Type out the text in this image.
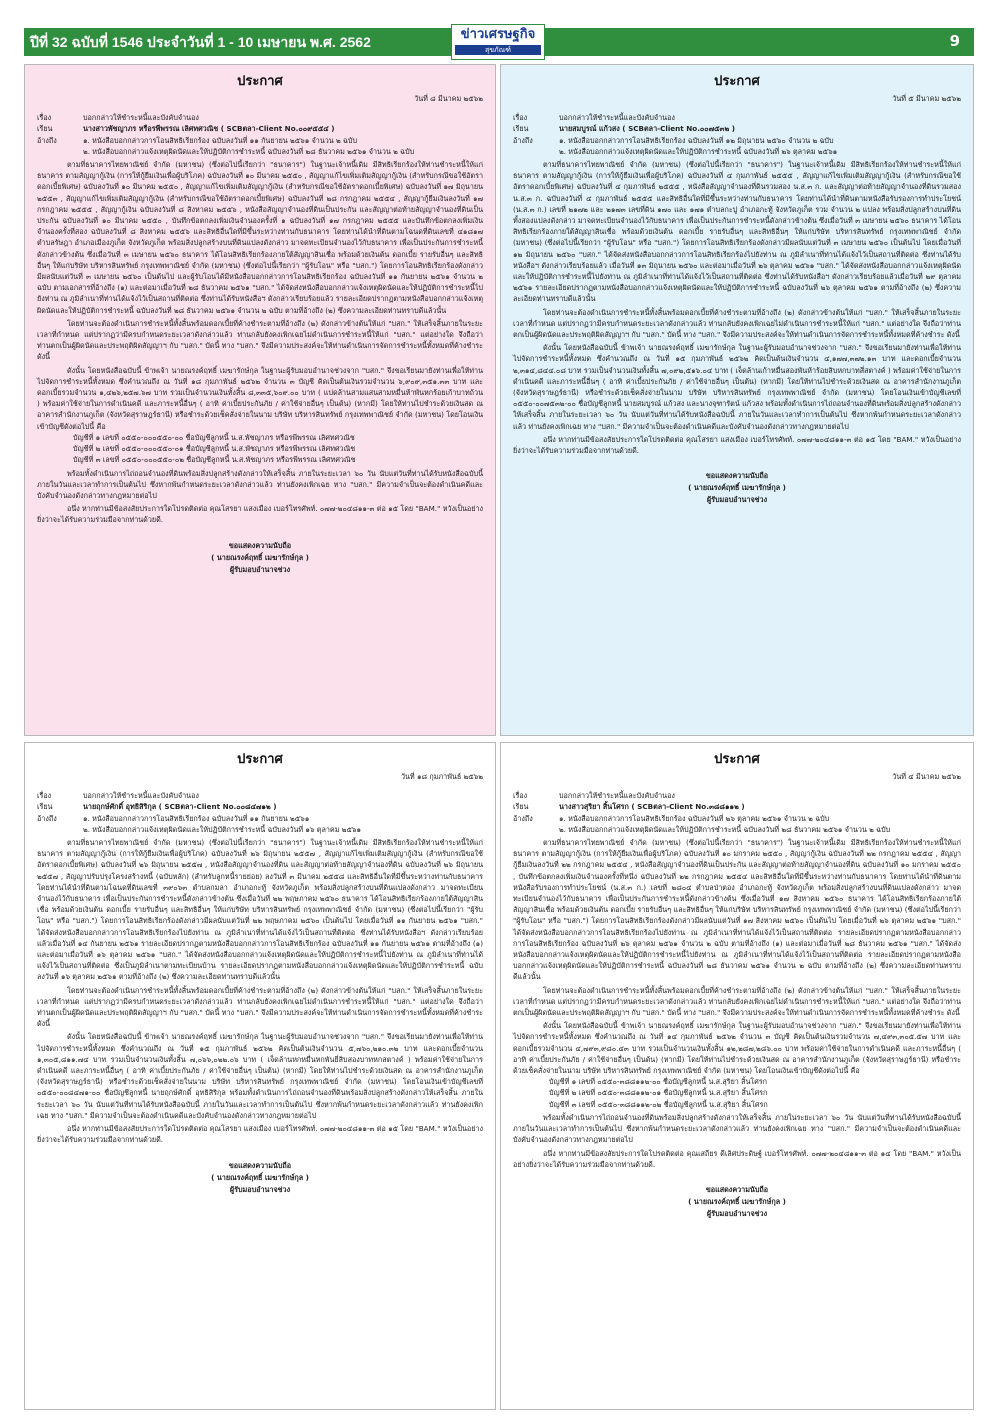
ปีที่ 32 ฉบับที่ 1546 ประจำวันที่ 1 - 10 เมษายน พ.ศ. 2562	9
ข่าวเศรษฐกิจ
สุขภัณฑ์
ประกาศ
วันที่ ๘ มีนาคม ๒๕๖๒
เรื่อง	บอกกล่าวให้ชำระหนี้และบังคับจำนอง
เรียน	นางสาวพัชญาภร หรือรพีพรรณ เลิศทศวณิช ( SCBตลา-Client No.๐๐๙๕๕๔ )
อ้างถึง	๑. หนังสือบอกกล่าวการโอนสิทธิเรียกร้อง ฉบับลงวันที่ ๑๑ กันยายน ๒๕๖๑ จำนวน ๒ ฉบับ
๒. หนังสือบอกกล่าวแจ้งเหตุผิดนัดและให้ปฏิบัติการชำระหนี้ ฉบับลงวันที่ ๒๘ ธันวาคม ๒๕๖๑ จำนวน ๒ ฉบับ
ตามที่ธนาคารไทยพาณิชย์ จำกัด (มหาชน) (ซึ่งต่อไปนี้เรียกว่า "ธนาคาร") ในฐานะเจ้าหนี้เดิม มีสิทธิเรียกร้องให้ท่านชำระหนี้ให้แก่ธนาคาร ตามสัญญากู้เงิน (การให้กู้ยืมเงินเพื่อผู้บริโภค) ฉบับลงวันที่ ๑๐ มีนาคม ๒๕๕๐ , สัญญาแก้ไขเพิ่มเติมสัญญากู้เงิน (สำหรับกรณีขอใช้อัตราดอกเบี้ยพิเศษ) ฉบับลงวันที่ ๑๐ มีนาคม ๒๕๕๐ , สัญญาแก้ไขเพิ่มเติมสัญญากู้เงิน (สำหรับกรณีขอใช้อัตราดอกเบี้ยพิเศษ) ฉบับลงวันที่ ๑๗ มิถุนายน ๒๕๕๓ , สัญญาแก้ไขเพิ่มเติมสัญญากู้เงิน (สำหรับกรณีขอใช้อัตราดอกเบี้ยพิเศษ) ฉบับลงวันที่ ๒๘ กรกฎาคม ๒๕๕๔ , สัญญากู้ยืมเงินลงวันที่ ๑๗ กรกฎาคม ๒๕๕๕ , สัญญากู้เงิน ฉบับลงวันที่ ๘ สิงหาคม ๒๕๕๖ , หนังสือสัญญาจำนองที่ดินเป็นประกัน และสัญญาต่อท้ายสัญญาจำนองที่ดินเป็นประกัน ฉบับลงวันที่ ๑๐ มีนาคม ๒๕๕๐ , บันทึกข้อตกลงเพิ่มเงินจำนองครั้งที่ ๑ ฉบับลงวันที่ ๑๗ กรกฎาคม ๒๕๕๕ และบันทึกข้อตกลงเพิ่มเงินจำนองครั้งที่สอง ฉบับลงวันที่ ๘ สิงหาคม ๒๕๕๖ และสิทธิอื่นใดที่มีขึ้นระหว่างท่านกับธนาคาร โดยท่านได้นำที่ดินตามโฉนดที่ดินเลขที่ ๔๑๘๑๗ ตำบลรัษฎา อำเภอเมืองภูเก็ต จังหวัดภูเก็ต พร้อมสิ่งปลูกสร้างบนที่ดินแปลงดังกล่าว มาจดทะเบียนจำนองไว้กับธนาคาร เพื่อเป็นประกันการชำระหนี้ดังกล่าวข้างต้น ซึ่งเมื่อวันที่ ๓ เมษายน ๒๕๖๐ ธนาคาร ได้โอนสิทธิเรียกร้องภายใต้สัญญาสินเชื่อ พร้อมด้วยเงินต้น ดอกเบี้ย รายรับอื่นๆ และสิทธิอื่นๆ ให้แก่บริษัท บริหารสินทรัพย์ กรุงเทพพาณิชย์ จำกัด (มหาชน) (ซึ่งต่อไปนี้เรียกว่า "ผู้รับโอน" หรือ "บสก.") โดยการโอนสิทธิเรียกร้องดังกล่าวมีผลนับแต่วันที่ ๓ เมษายน ๒๕๖๐ เป็นต้นไป และผู้รับโอนได้มีหนังสือบอกกล่าวการโอนสิทธิเรียกร้อง ฉบับลงวันที่ ๑๑ กันยายน ๒๕๖๑ จำนวน ๒ ฉบับ ตามเอกสารที่อ้างถึง (๑) และต่อมาเมื่อวันที่ ๒๘ ธันวาคม ๒๕๖๑ "บสก." ได้จัดส่งหนังสือบอกกล่าวแจ้งเหตุผิดนัดและให้ปฏิบัติการชำระหนี้ไปยังท่าน ณ ภูมิลำเนาที่ท่านได้แจ้งไว้เป็นสถานที่ติดต่อ ซึ่งท่านได้รับหนังสือฯ ดังกล่าวเรียบร้อยแล้ว รายละเอียดปรากฏตามหนังสือบอกกล่าวแจ้งเหตุผิดนัดและให้ปฏิบัติการชำระหนี้ ฉบับลงวันที่ ๒๘ ธันวาคม ๒๕๖๑ จำนวน ๒ ฉบับ ตามที่อ้างถึง (๒) ซึ่งความละเอียดท่านทราบดีแล้วนั้น
โดยท่านจะต้องดำเนินการชำระหนี้ทั้งสิ้นพร้อมดอกเบี้ยที่ค้างชำระตามที่อ้างถึง (๒) ดังกล่าวข้างต้นให้แก่ "บสก." ให้เสร็จสิ้นภายในระยะเวลาที่กำหนด แต่ปรากฏว่ามีครบกำหนดระยะเวลาดังกล่าวแล้ว ท่านกลับยังคงเพิกเฉยไม่ดำเนินการชำระหนี้ให้แก่ "บสก." แต่อย่างใด จึงถือว่าท่านตกเป็นผู้ผิดนัดและประพฤติผิดสัญญาฯ กับ "บสก." บัดนี้ ทาง "บสก." จึงมีความประสงค์จะให้ท่านดำเนินการจัดการชำระหนี้ทั้งหมดที่ค้างชำระ ดังนี้
ดังนั้น โดยหนังสือฉบับนี้ ข้าพเจ้า นายณรงค์ฤทธิ์ เมฆารักษ์กุล ในฐานะผู้รับมอบอำนาจช่วงจาก "บสก." จึงขอเรียนมายังท่านเพื่อให้ท่านไปจัดการชำระหนี้ทั้งหมด ซึ่งคำนวณถึง ณ วันที่ ๑๘ กุมภาพันธ์ ๒๕๖๒ จำนวน ๓ บัญชี คิดเป็นต้นเงินรวมจำนวน ๖,๙๐๙,๓๕๑.๓๓ บาท และดอกเบี้ยรวมจำนวน ๑,๔๒๖,๒๕๗.๖๗ บาท รวมเป็นจำนวนเงินทั้งสิ้น ๘,๓๓๕,๖๐๙.๐๐ บาท ( แปดล้านสามแสนสามหมื่นห้าพันหกร้อยเก้าบาทถ้วน ) พร้อมค่าใช้จ่ายในการดำเนินคดี และภาระหนี้อื่นๆ ( อาทิ ค่าเบี้ยประกันภัย / ค่าใช้จ่ายอื่นๆ เป็นต้น) (หากมี) โดยให้ท่านไปชำระด้วยเงินสด ณ อาคารสำนักงานภูเก็ต (จังหวัดสุราษฎร์ธานี) หรือชำระด้วยเช็คสั่งจ่ายในนาม บริษัท บริหารสินทรัพย์ กรุงเทพพาณิชย์ จำกัด (มหาชน) โดยโอนเงินเข้าบัญชีดังต่อไปนี้ คือ
บัญชีที่ ๑ เลขที่ ๐๕๕๐-๐๐๐๕๕๐-๐๐ ชื่อบัญชีลูกหนี้ น.ส.พัชญาภร หรือรพีพรรณ เลิศทศวณิช
บัญชีที่ ๒ เลขที่ ๐๕๕๐-๐๐๐๕๕๐-๐๑ ชื่อบัญชีลูกหนี้ น.ส.พัชญาภร หรือรพีพรรณ เลิศทศวณิช
บัญชีที่ ๓ เลขที่ ๐๕๕๐-๐๐๐๕๕๐-๐๒ ชื่อบัญชีลูกหนี้ น.ส.พัชญาภร หรือรพีพรรณ เลิศทศวณิช
พร้อมทั้งดำเนินการไถ่ถอนจำนองที่ดินพร้อมสิ่งปลูกสร้างดังกล่าวให้เสร็จสิ้น ภายในระยะเวลา ๖๐ วัน นับแต่วันที่ท่านได้รับหนังสือฉบับนี้ ภายในวันและเวลาทำการเป็นต้นไป ซึ่งหากพ้นกำหนดระยะเวลาดังกล่าวแล้ว ท่านยังคงเพิกเฉย ทาง "บสก." มีความจำเป็นจะต้องดำเนินคดีและบังคับจำนองดังกล่าวทางกฎหมายต่อไป
อนึ่ง หากท่านมีข้อสงสัยประการใดโปรดติดต่อ คุณโสรยา แสงเมือง เบอร์โทรศัพท์. ๐๗๗-๒๐๔๘๑๑-๓ ต่อ ๑๕ โดย "BAM." หวังเป็นอย่างยิ่งว่าจะได้รับความร่วมมือจากท่านด้วยดี.
ขอแสดงความนับถือ
( นายณรงค์ฤทธิ์ เมฆารักษ์กุล )
ผู้รับมอบอำนาจช่วง
ประกาศ
วันที่ ๕ มีนาคม ๒๕๖๒
เรื่อง	บอกกล่าวให้ชำระหนี้และบังคับจำนอง
เรียน	นายสมบูรณ์ แก้วสง ( SCBตลา-Client No.๐๐๗๕๓๒ )
อ้างถึง	๑. หนังสือบอกกล่าวการโอนสิทธิเรียกร้อง ฉบับลงวันที่ ๑๒ มิถุนายน ๒๕๖๐ จำนวน ๒ ฉบับ
๒. หนังสือบอกกล่าวแจ้งเหตุผิดนัดและให้ปฏิบัติการชำระหนี้ ฉบับลงวันที่ ๒๖ ตุลาคม ๒๕๖๑
ตามที่ธนาคารไทยพาณิชย์ จำกัด (มหาชน) (ซึ่งต่อไปนี้เรียกว่า "ธนาคาร") ในฐานะเจ้าหนี้เดิม มีสิทธิเรียกร้องให้ท่านชำระหนี้ให้แก่ธนาคาร ตามสัญญากู้เงิน (การให้กู้ยืมเงินเพื่อผู้บริโภค) ฉบับลงวันที่ ๔ กุมภาพันธ์ ๒๕๕๕ , สัญญาแก้ไขเพิ่มเติมสัญญากู้เงิน (สำหรับกรณีขอใช้อัตราดอกเบี้ยพิเศษ) ฉบับลงวันที่ ๔ กุมภาพันธ์ ๒๕๕๕ , หนังสือสัญญาจำนองที่ดินรวมสอง น.ส.๓ ก. และสัญญาต่อท้ายสัญญาจำนองที่ดินรวมสอง น.ส.๓ ก. ฉบับลงวันที่ ๔ กุมภาพันธ์ ๒๕๕๕ และสิทธิอื่นใดที่มีขึ้นระหว่างท่านกับธนาคาร โดยท่านได้นำที่ดินตามหนังสือรับรองการทำประโยชน์ (น.ส.๓ ก.) เลขที่ ๒๑๗๒ และ ๒๑๗๓ เลขที่ดิน ๑๗๐ และ ๑๗๑ ตำบลกะปู อำเภอกะทู้ จังหวัดภูเก็ต รวม จำนวน ๒ แปลง พร้อมสิ่งปลูกสร้างบนที่ดินทั้งสองแปลงดังกล่าว มาจดทะเบียนจำนองไว้กับธนาคาร เพื่อเป็นประกันการชำระหนี้ดังกล่าวข้างต้น ซึ่งเมื่อวันที่ ๓ เมษายน ๒๕๖๐ ธนาคาร ได้โอนสิทธิเรียกร้องภายใต้สัญญาสินเชื่อ พร้อมด้วยเงินต้น ดอกเบี้ย รายรับอื่นๆ และสิทธิอื่นๆ ให้แก่บริษัท บริหารสินทรัพย์ กรุงเทพพาณิชย์ จำกัด (มหาชน) (ซึ่งต่อไปนี้เรียกว่า "ผู้รับโอน" หรือ "บสก.") โดยการโอนสิทธิเรียกร้องดังกล่าวมีผลนับแต่วันที่ ๓ เมษายน ๒๕๖๐ เป็นต้นไป โดยเมื่อวันที่ ๑๒ มิถุนายน ๒๕๖๐ "บสก." ได้จัดส่งหนังสือบอกกล่าวการโอนสิทธิเรียกร้องไปยังท่าน ณ ภูมิลำเนาที่ท่านได้แจ้งไว้เป็นสถานที่ติดต่อ ซึ่งท่านได้รับหนังสือฯ ดังกล่าวเรียบร้อยแล้ว เมื่อวันที่ ๑๓ มิถุนายน ๒๕๖๐ และต่อมาเมื่อวันที่ ๒๖ ตุลาคม ๒๕๖๑ "บสก." ได้จัดส่งหนังสือบอกกล่าวแจ้งเหตุผิดนัดและให้ปฏิบัติการชำระหนี้ไปยังท่าน ณ ภูมิลำเนาที่ท่านได้แจ้งไว้เป็นสถานที่ติดต่อ ซึ่งท่านได้รับหนังสือฯ ดังกล่าวเรียบร้อยแล้วเมื่อวันที่ ๒๙ ตุลาคม ๒๕๖๑ รายละเอียดปรากฏตามหนังสือบอกกล่าวแจ้งเหตุผิดนัดและให้ปฏิบัติการชำระหนี้ ฉบับลงวันที่ ๒๖ ตุลาคม ๒๕๖๑ ตามที่อ้างถึง (๒) ซึ่งความละเอียดท่านทราบดีแล้วนั้น
โดยท่านจะต้องดำเนินการชำระหนี้ทั้งสิ้นพร้อมดอกเบี้ยที่ค้างชำระตามที่อ้างถึง (๒) ดังกล่าวข้างต้นให้แก่ "บสก." ให้เสร็จสิ้นภายในระยะเวลาที่กำหนด แต่ปรากฏว่ามีครบกำหนดระยะเวลาดังกล่าวแล้ว ท่านกลับยังคงเพิกเฉยไม่ดำเนินการชำระหนี้ให้แก่ "บสก." แต่อย่างใด จึงถือว่าท่านตกเป็นผู้ผิดนัดและประพฤติผิดสัญญาฯ กับ "บสก." บัดนี้ ทาง "บสก." จึงมีความประสงค์จะให้ท่านดำเนินการจัดการชำระหนี้ทั้งหมดที่ค้างชำระ ดังนี้
ดังนั้น โดยหนังสือฉบับนี้ ข้าพเจ้า นายณรงค์ฤทธิ์ เมฆารักษ์กุล ในฐานะผู้รับมอบอำนาจช่วงจาก "บสก." จึงขอเรียนมายังท่านเพื่อให้ท่านไปจัดการชำระหนี้ทั้งหมด ซึ่งคำนวณถึง ณ วันที่ ๑๕ กุมภาพันธ์ ๒๕๖๒ คิดเป็นต้นเงินจำนวน ๔,๑๗๗,๓๗๒.๑๓ บาท และดอกเบี้ยจำนวน ๒,๓๑๔,๘๔๔.๐๘ บาท รวมเป็นจำนวนเงินทั้งสิ้น ๗,๐๙๒,๕๑๖.๐๔ บาท ( เจ็ดล้านเก้าหมื่นสองพันห้าร้อยสิบหกบาทสี่สตางค์ ) พร้อมค่าใช้จ่ายในการดำเนินคดี และภาระหนี้อื่นๆ ( อาทิ ค่าเบี้ยประกันภัย / ค่าใช้จ่ายอื่นๆ เป็นต้น) (หากมี) โดยให้ท่านไปชำระด้วยเงินสด ณ อาคารสำนักงานภูเก็ต (จังหวัดสุราษฎร์ธานี) หรือชำระด้วยเช็คสั่งจ่ายในนาม บริษัท บริหารสินทรัพย์ กรุงเทพพาณิชย์ จำกัด (มหาชน) โดยโอนเงินเข้าบัญชีเลขที่ ๐๕๕๐-๐๐๗๕๓๒-๐๐ ชื่อบัญชีลูกหนี้ นายสมบูรณ์ แก้วสง และนางจุฑารัตน์ แก้วสง พร้อมทั้งดำเนินการไถ่ถอนจำนองที่ดินพร้อมสิ่งปลูกสร้างดังกล่าวให้เสร็จสิ้น ภายในระยะเวลา ๖๐ วัน นับแต่วันที่ท่านได้รับหนังสือฉบับนี้ ภายในวันและเวลาทำการเป็นต้นไป ซึ่งหากพ้นกำหนดระยะเวลาดังกล่าวแล้ว ท่านยังคงเพิกเฉย ทาง "บสก." มีความจำเป็นจะต้องดำเนินคดีและบังคับจำนองดังกล่าวทางกฎหมายต่อไป
อนึ่ง หากท่านมีข้อสงสัยประการใดโปรดติดต่อ คุณโสรยา แสงเมือง เบอร์โทรศัพท์. ๐๗๗-๒๐๔๘๑๑-๓ ต่อ ๑๕ โดย "BAM." หวังเป็นอย่างยิ่งว่าจะได้รับความร่วมมือจากท่านด้วยดี.
ขอแสดงความนับถือ
( นายณรงค์ฤทธิ์ เมฆารักษ์กุล )
ผู้รับมอบอำนาจช่วง
ประกาศ
วันที่ ๑๘ กุมภาพันธ์ ๒๕๖๒
เรื่อง	บอกกล่าวให้ชำระหนี้และบังคับจำนอง
เรียน	นายฤกษ์ศักดิ์ อุทธิสิริกุล ( SCBตลา-Client No.๐๐๘๔๗๑๒ )
อ้างถึง	๑. หนังสือบอกกล่าวการโอนสิทธิเรียกร้อง ฉบับลงวันที่ ๑๑ กันยายน ๒๕๖๑
๒. หนังสือบอกกล่าวแจ้งเหตุผิดนัดและให้ปฏิบัติการชำระหนี้ ฉบับลงวันที่ ๑๖ ตุลาคม ๒๕๖๑
ตามที่ธนาคารไทยพาณิชย์ จำกัด (มหาชน) (ซึ่งต่อไปนี้เรียกว่า "ธนาคาร") ในฐานะเจ้าหนี้เดิม มีสิทธิเรียกร้องให้ท่านชำระหนี้ให้แก่ธนาคาร ตามสัญญากู้เงิน (การให้กู้ยืมเงินเพื่อผู้บริโภค) ฉบับลงวันที่ ๒๖ มิถุนายน ๒๕๕๗ , สัญญาแก้ไขเพิ่มเติมสัญญากู้เงิน (สำหรับกรณีขอใช้อัตราดอกเบี้ยพิเศษ) ฉบับลงวันที่ ๒๖ มิถุนายน ๒๕๕๗ , หนังสือสัญญาจำนองที่ดิน และสัญญาต่อท้ายสัญญาจำนองที่ดิน ฉบับลงวันที่ ๒๖ มิถุนายน ๒๕๕๗ , สัญญาปรับปรุงโครงสร้างหนี้ (ฉบับหลัก) (สำหรับลูกหนี้รายย่อย) ลงวันที่ ๓ มีนาคม ๒๕๕๘ และสิทธิอื่นใดที่มีขึ้นระหว่างท่านกับธนาคาร โดยท่านได้นำที่ดินตามโฉนดที่ดินเลขที่ ๓๙๐๖๓ ตำบลกมลา อำเภอกะทู้ จังหวัดภูเก็ต พร้อมสิ่งปลูกสร้างบนที่ดินแปลงดังกล่าว มาจดทะเบียนจำนองไว้กับธนาคาร เพื่อเป็นประกันการชำระหนี้ดังกล่าวข้างต้น ซึ่งเมื่อวันที่ ๒๒ พฤษภาคม ๒๕๖๐ ธนาคาร ได้โอนสิทธิเรียกร้องภายใต้สัญญาสินเชื่อ พร้อมด้วยเงินต้น ดอกเบี้ย รายรับอื่นๆ และสิทธิอื่นๆ ให้แก่บริษัท บริหารสินทรัพย์ กรุงเทพพาณิชย์ จำกัด (มหาชน) (ซึ่งต่อไปนี้เรียกว่า "ผู้รับโอน" หรือ "บสก.") โดยการโอนสิทธิเรียกร้องดังกล่าวมีผลนับแต่วันที่ ๒๒ พฤษภาคม ๒๕๖๐ เป็นต้นไป โดยเมื่อวันที่ ๑๑ กันยายน ๒๕๖๑ "บสก." ได้จัดส่งหนังสือบอกกล่าวการโอนสิทธิเรียกร้องไปยังท่าน ณ ภูมิลำเนาที่ท่านได้แจ้งไว้เป็นสถานที่ติดต่อ ซึ่งท่านได้รับหนังสือฯ ดังกล่าวเรียบร้อยแล้วเมื่อวันที่ ๑๔ กันยายน ๒๕๖๑ รายละเอียดปรากฏตามหนังสือบอกกล่าวการโอนสิทธิเรียกร้อง ฉบับลงวันที่ ๑๑ กันยายน ๒๕๖๑ ตามที่อ้างถึง (๑) และต่อมาเมื่อวันที่ ๑๖ ตุลาคม ๒๕๖๑ "บสก." ได้จัดส่งหนังสือบอกกล่าวแจ้งเหตุผิดนัดและให้ปฏิบัติการชำระหนี้ไปยังท่าน ณ ภูมิลำเนาที่ท่านได้แจ้งไว้เป็นสถานที่ติดต่อ ซึ่งเป็นภูมิลำเนาตามทะเบียนบ้าน รายละเอียดปรากฏตามหนังสือบอกกล่าวแจ้งเหตุผิดนัดและให้ปฏิบัติการชำระหนี้ ฉบับลงวันที่ ๑๖ ตุลาคม ๒๕๖๑ ตามที่อ้างถึง (๒) ซึ่งความละเอียดท่านทราบดีแล้วนั้น
โดยท่านจะต้องดำเนินการชำระหนี้ทั้งสิ้นพร้อมดอกเบี้ยที่ค้างชำระตามที่อ้างถึง (๒) ดังกล่าวข้างต้นให้แก่ "บสก." ให้เสร็จสิ้นภายในระยะเวลาที่กำหนด แต่ปรากฏว่ามีครบกำหนดระยะเวลาดังกล่าวแล้ว ท่านกลับยังคงเพิกเฉยไม่ดำเนินการชำระหนี้ให้แก่ "บสก." แต่อย่างใด จึงถือว่าท่านตกเป็นผู้ผิดนัดและประพฤติผิดสัญญาฯ กับ "บสก." บัดนี้ ทาง "บสก." จึงมีความประสงค์จะให้ท่านดำเนินการจัดการชำระหนี้ทั้งหมดที่ค้างชำระ ดังนี้
ดังนั้น โดยหนังสือฉบับนี้ ข้าพเจ้า นายณรงค์ฤทธิ์ เมฆารักษ์กุล ในฐานะผู้รับมอบอำนาจช่วงจาก "บสก." จึงขอเรียนมายังท่านเพื่อให้ท่านไปจัดการชำระหนี้ทั้งหมด ซึ่งคำนวณถึง ณ วันที่ ๑๕ กุมภาพันธ์ ๒๕๖๒ คิดเป็นต้นเงินจำนวน ๕,๗๖๐,๒๑๐.๓๒ บาท และดอกเบี้ยจำนวน ๑,๓๐๕,๘๑๑.๗๔ บาท รวมเป็นจำนวนเงินทั้งสิ้น ๗,๐๖๖,๐๒๒.๐๖ บาท ( เจ็ดล้านหกหมื่นหกพันยี่สิบสองบาทหกสตางค์ ) พร้อมค่าใช้จ่ายในการดำเนินคดี และภาระหนี้อื่นๆ ( อาทิ ค่าเบี้ยประกันภัย / ค่าใช้จ่ายอื่นๆ เป็นต้น) (หากมี) โดยให้ท่านไปชำระด้วยเงินสด ณ อาคารสำนักงานภูเก็ต (จังหวัดสุราษฎร์ธานี) หรือชำระด้วยเช็คสั่งจ่ายในนาม บริษัท บริหารสินทรัพย์ กรุงเทพพาณิชย์ จำกัด (มหาชน) โดยโอนเงินเข้าบัญชีเลขที่ ๐๕๕๐-๐๐๘๔๗๑-๐๐ ชื่อบัญชีลูกหนี้ นายฤกษ์ศักดิ์ อุทธิสิริกุล พร้อมทั้งดำเนินการไถ่ถอนจำนองที่ดินพร้อมสิ่งปลูกสร้างดังกล่าวให้เสร็จสิ้น ภายในระยะเวลา ๖๐ วัน นับแต่วันที่ท่านได้รับหนังสือฉบับนี้ ภายในวันและเวลาทำการเป็นต้นไป ซึ่งหากพ้นกำหนดระยะเวลาดังกล่าวแล้ว ท่านยังคงเพิกเฉย ทาง "บสก." มีความจำเป็นจะต้องดำเนินคดีและบังคับจำนองดังกล่าวทางกฎหมายต่อไป
อนึ่ง หากท่านมีข้อสงสัยประการใดโปรดติดต่อ คุณโสรยา แสงเมือง เบอร์โทรศัพท์. ๐๗๗-๒๐๔๘๑๑-๓ ต่อ ๑๕ โดย "BAM." หวังเป็นอย่างยิ่งว่าจะได้รับความร่วมมือจากท่านด้วยดี.
ขอแสดงความนับถือ
( นายณรงค์ฤทธิ์ เมฆารักษ์กุล )
ผู้รับมอบอำนาจช่วง
ประกาศ
วันที่ ๔ มีนาคม ๒๕๖๒
เรื่อง	บอกกล่าวให้ชำระหนี้และบังคับจำนอง
เรียน	นางสาวสุริยา สิ้นโศรก ( SCBตลา-Client No.๓๘๘๑๑๒ )
อ้างถึง	๑. หนังสือบอกกล่าวการโอนสิทธิเรียกร้อง ฉบับลงวันที่ ๒๖ ตุลาคม ๒๕๖๑ จำนวน ๒ ฉบับ
๒. หนังสือบอกกล่าวแจ้งเหตุผิดนัดและให้ปฏิบัติการชำระหนี้ ฉบับลงวันที่ ๒๘ ธันวาคม ๒๕๖๑ จำนวน ๒ ฉบับ
ตามที่ธนาคารไทยพาณิชย์ จำกัด (มหาชน) (ซึ่งต่อไปนี้เรียกว่า "ธนาคาร") ในฐานะเจ้าหนี้เดิม มีสิทธิเรียกร้องให้ท่านชำระหนี้ให้แก่ธนาคาร ตามสัญญากู้เงิน (การให้กู้ยืมเงินเพื่อผู้บริโภค) ฉบับลงวันที่ ๑๐ มกราคม ๒๕๕๐ , สัญญากู้เงิน ฉบับลงวันที่ ๒๒ กรกฎาคม ๒๕๕๔ , สัญญากู้ยืมเงินลงวันที่ ๒๒ กรกฎาคม ๒๕๕๔ , หนังสือสัญญาจำนองที่ดินเป็นประกัน และสัญญาต่อท้ายสัญญาจำนองที่ดิน ฉบับลงวันที่ ๑๐ มกราคม ๒๕๕๐ , บันทึกข้อตกลงเพิ่มเงินจำนองครั้งที่หนึ่ง ฉบับลงวันที่ ๒๒ กรกฎาคม ๒๕๕๔ และสิทธิอื่นใดที่มีขึ้นระหว่างท่านกับธนาคาร โดยท่านได้นำที่ดินตามหนังสือรับรองการทำประโยชน์ (น.ส.๓ ก.) เลขที่ ๒๘๐๔ ตำบลป่าตอง อำเภอกะทู้ จังหวัดภูเก็ต พร้อมสิ่งปลูกสร้างบนที่ดินแปลงดังกล่าว มาจดทะเบียนจำนองไว้กับธนาคาร เพื่อเป็นประกันการชำระหนี้ดังกล่าวข้างต้น ซึ่งเมื่อวันที่ ๑๗ สิงหาคม ๒๕๖๐ ธนาคาร ได้โอนสิทธิเรียกร้องภายใต้สัญญาสินเชื่อ พร้อมด้วยเงินต้น ดอกเบี้ย รายรับอื่นๆ และสิทธิอื่นๆ ให้แก่บริษัท บริหารสินทรัพย์ กรุงเทพพาณิชย์ จำกัด (มหาชน) (ซึ่งต่อไปนี้เรียกว่า "ผู้รับโอน" หรือ "บสก.") โดยการโอนสิทธิเรียกร้องดังกล่าวมีผลนับแต่วันที่ ๑๗ สิงหาคม ๒๕๖๐ เป็นต้นไป โดยเมื่อวันที่ ๒๖ ตุลาคม ๒๕๖๑ "บสก." ได้จัดส่งหนังสือบอกกล่าวการโอนสิทธิเรียกร้องไปยังท่าน ณ ภูมิลำเนาที่ท่านได้แจ้งไว้เป็นสถานที่ติดต่อ รายละเอียดปรากฏตามหนังสือบอกกล่าวการโอนสิทธิเรียกร้อง ฉบับลงวันที่ ๒๖ ตุลาคม ๒๕๖๑ จำนวน ๒ ฉบับ ตามที่อ้างถึง (๑) และต่อมาเมื่อวันที่ ๒๘ ธันวาคม ๒๕๖๑ "บสก." ได้จัดส่งหนังสือบอกกล่าวแจ้งเหตุผิดนัดและให้ปฏิบัติการชำระหนี้ไปยังท่าน ณ ภูมิลำเนาที่ท่านได้แจ้งไว้เป็นสถานที่ติดต่อ รายละเอียดปรากฏตามหนังสือบอกกล่าวแจ้งเหตุผิดนัดและให้ปฏิบัติการชำระหนี้ ฉบับลงวันที่ ๒๘ ธันวาคม ๒๕๖๑ จำนวน ๒ ฉบับ ตามที่อ้างถึง (๒) ซึ่งความละเอียดท่านทราบดีแล้วนั้น
โดยท่านจะต้องดำเนินการชำระหนี้ทั้งสิ้นพร้อมดอกเบี้ยที่ค้างชำระตามที่อ้างถึง (๒) ดังกล่าวข้างต้นให้แก่ "บสก." ให้เสร็จสิ้นภายในระยะเวลาที่กำหนด แต่ปรากฏว่ามีครบกำหนดระยะเวลาดังกล่าวแล้ว ท่านกลับยังคงเพิกเฉยไม่ดำเนินการชำระหนี้ให้แก่ "บสก." แต่อย่างใด จึงถือว่าท่านตกเป็นผู้ผิดนัดและประพฤติผิดสัญญาฯ กับ "บสก." บัดนี้ ทาง "บสก." จึงมีความประสงค์จะให้ท่านดำเนินการจัดการชำระหนี้ทั้งหมดที่ค้างชำระ ดังนี้
ดังนั้น โดยหนังสือฉบับนี้ ข้าพเจ้า นายณรงค์ฤทธิ์ เมฆารักษ์กุล ในฐานะผู้รับมอบอำนาจช่วงจาก "บสก." จึงขอเรียนมายังท่านเพื่อให้ท่านไปจัดการชำระหนี้ทั้งหมด ซึ่งคำนวณถึง ณ วันที่ ๑๔ กุมภาพันธ์ ๒๕๖๒ จำนวน ๓ บัญชี คิดเป็นต้นเงินรวมจำนวน ๗,๔๙๓,๓๐๕.๕๗ บาท และดอกเบี้ยรวมจำนวน ๔,๗๙๓,๙๘๐.๔๓ บาท รวมเป็นจำนวนเงินทั้งสิ้น ๑๒,๒๘๗,๒๘๖.๐๐ บาท พร้อมค่าใช้จ่ายในการดำเนินคดี และภาระหนี้อื่นๆ ( อาทิ ค่าเบี้ยประกันภัย / ค่าใช้จ่ายอื่นๆ เป็นต้น) (หากมี) โดยให้ท่านไปชำระด้วยเงินสด ณ อาคารสำนักงานภูเก็ต (จังหวัดสุราษฎร์ธานี) หรือชำระด้วยเช็คสั่งจ่ายในนาม บริษัท บริหารสินทรัพย์ กรุงเทพพาณิชย์ จำกัด (มหาชน) โดยโอนเงินเข้าบัญชีดังต่อไปนี้ คือ
บัญชีที่ ๑ เลขที่ ๐๕๕๐-๓๘๘๑๑๒-๐๐ ชื่อบัญชีลูกหนี้ น.ส.สุริยา สิ้นโศรก
บัญชีที่ ๒ เลขที่ ๐๕๕๐-๓๘๘๑๑๒-๐๑ ชื่อบัญชีลูกหนี้ น.ส.สุริยา สิ้นโศรก
บัญชีที่ ๓ เลขที่ ๐๕๕๐-๓๘๘๑๑๒-๐๒ ชื่อบัญชีลูกหนี้ น.ส.สุริยา สิ้นโศรก
พร้อมทั้งดำเนินการไถ่ถอนจำนองที่ดินพร้อมสิ่งปลูกสร้างดังกล่าวให้เสร็จสิ้น ภายในระยะเวลา ๖๐ วัน นับแต่วันที่ท่านได้รับหนังสือฉบับนี้ ภายในวันและเวลาทำการเป็นต้นไป ซึ่งหากพ้นกำหนดระยะเวลาดังกล่าวแล้ว ท่านยังคงเพิกเฉย ทาง "บสก." มีความจำเป็นจะต้องดำเนินคดีและบังคับจำนองดังกล่าวทางกฎหมายต่อไป
อนึ่ง หากท่านมีข้อสงสัยประการใดโปรดติดต่อ คุณเสถียร ดีเลิศประดิษฐ์ เบอร์โทรศัพท์. ๐๗๗-๒๐๔๘๑๑-๓ ต่อ ๑๔ โดย "BAM." หวังเป็นอย่างยิ่งว่าจะได้รับความร่วมมือจากท่านด้วยดี.
ขอแสดงความนับถือ
( นายณรงค์ฤทธิ์ เมฆารักษ์กุล )
ผู้รับมอบอำนาจช่วง
